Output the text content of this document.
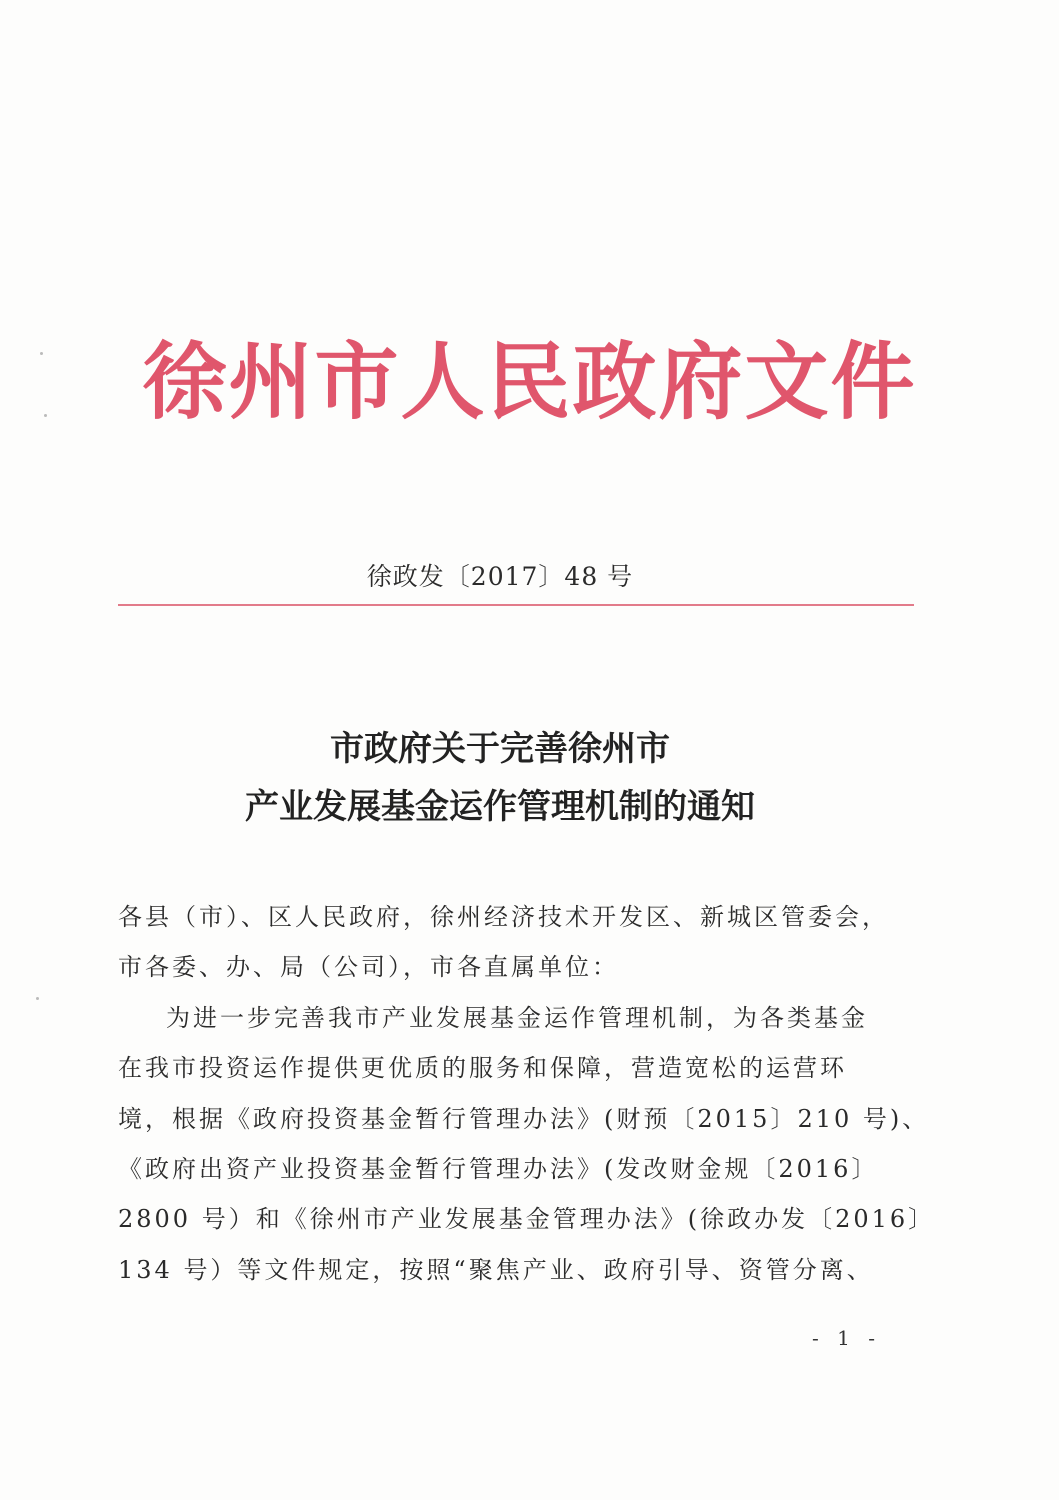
徐州市人民政府文件
徐政发〔2017〕48 号
市政府关于完善徐州市
产业发展基金运作管理机制的通知
各县（市）、区人民政府，徐州经济技术开发区、新城区管委会，
市各委、办、局（公司），市各直属单位：
为进一步完善我市产业发展基金运作管理机制，为各类基金
在我市投资运作提供更优质的服务和保障，营造宽松的运营环
境，根据《政府投资基金暂行管理办法》(财预〔2015〕210 号)、
《政府出资产业投资基金暂行管理办法》(发改财金规〔2016〕
2800 号）和《徐州市产业发展基金管理办法》(徐政办发〔2016〕
134 号）等文件规定，按照“聚焦产业、政府引导、资管分离、
- 1 -
